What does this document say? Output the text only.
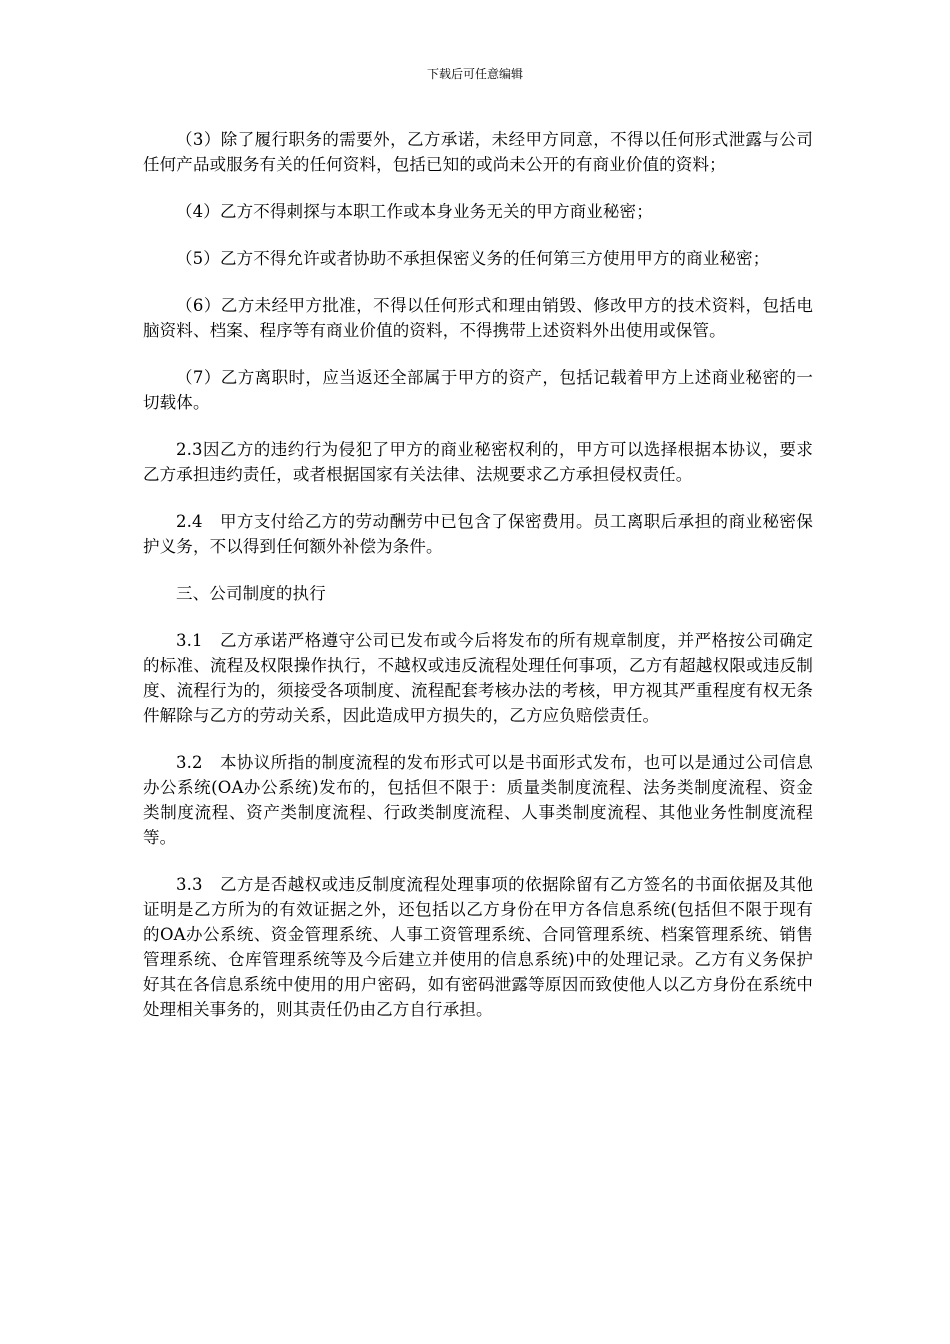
下载后可任意编辑

（3）除了履行职务的需要外，乙方承诺，未经甲方同意，不得以任何形式泄露与公司任何产品或服务有关的任何资料，包括已知的或尚未公开的有商业价值的资料；

（4）乙方不得刺探与本职工作或本身业务无关的甲方商业秘密；

（5）乙方不得允许或者协助不承担保密义务的任何第三方使用甲方的商业秘密；

（6）乙方未经甲方批准，不得以任何形式和理由销毁、修改甲方的技术资料，包括电脑资料、档案、程序等有商业价值的资料，不得携带上述资料外出使用或保管。

（7）乙方离职时，应当返还全部属于甲方的资产，包括记载着甲方上述商业秘密的一切载体。

2.3因乙方的违约行为侵犯了甲方的商业秘密权利的，甲方可以选择根据本协议，要求乙方承担违约责任，或者根据国家有关法律、法规要求乙方承担侵权责任。

2.4　甲方支付给乙方的劳动酬劳中已包含了保密费用。员工离职后承担的商业秘密保护义务，不以得到任何额外补偿为条件。

三、公司制度的执行

3.1　乙方承诺严格遵守公司已发布或今后将发布的所有规章制度，并严格按公司确定的标准、流程及权限操作执行，不越权或违反流程处理任何事项，乙方有超越权限或违反制度、流程行为的，须接受各项制度、流程配套考核办法的考核，甲方视其严重程度有权无条件解除与乙方的劳动关系，因此造成甲方损失的，乙方应负赔偿责任。

3.2　本协议所指的制度流程的发布形式可以是书面形式发布，也可以是通过公司信息办公系统(OA办公系统)发布的，包括但不限于：质量类制度流程、法务类制度流程、资金类制度流程、资产类制度流程、行政类制度流程、人事类制度流程、其他业务性制度流程等。

3.3　乙方是否越权或违反制度流程处理事项的依据除留有乙方签名的书面依据及其他证明是乙方所为的有效证据之外，还包括以乙方身份在甲方各信息系统(包括但不限于现有的OA办公系统、资金管理系统、人事工资管理系统、合同管理系统、档案管理系统、销售管理系统、仓库管理系统等及今后建立并使用的信息系统)中的处理记录。乙方有义务保护好其在各信息系统中使用的用户密码，如有密码泄露等原因而致使他人以乙方身份在系统中处理相关事务的，则其责任仍由乙方自行承担。
